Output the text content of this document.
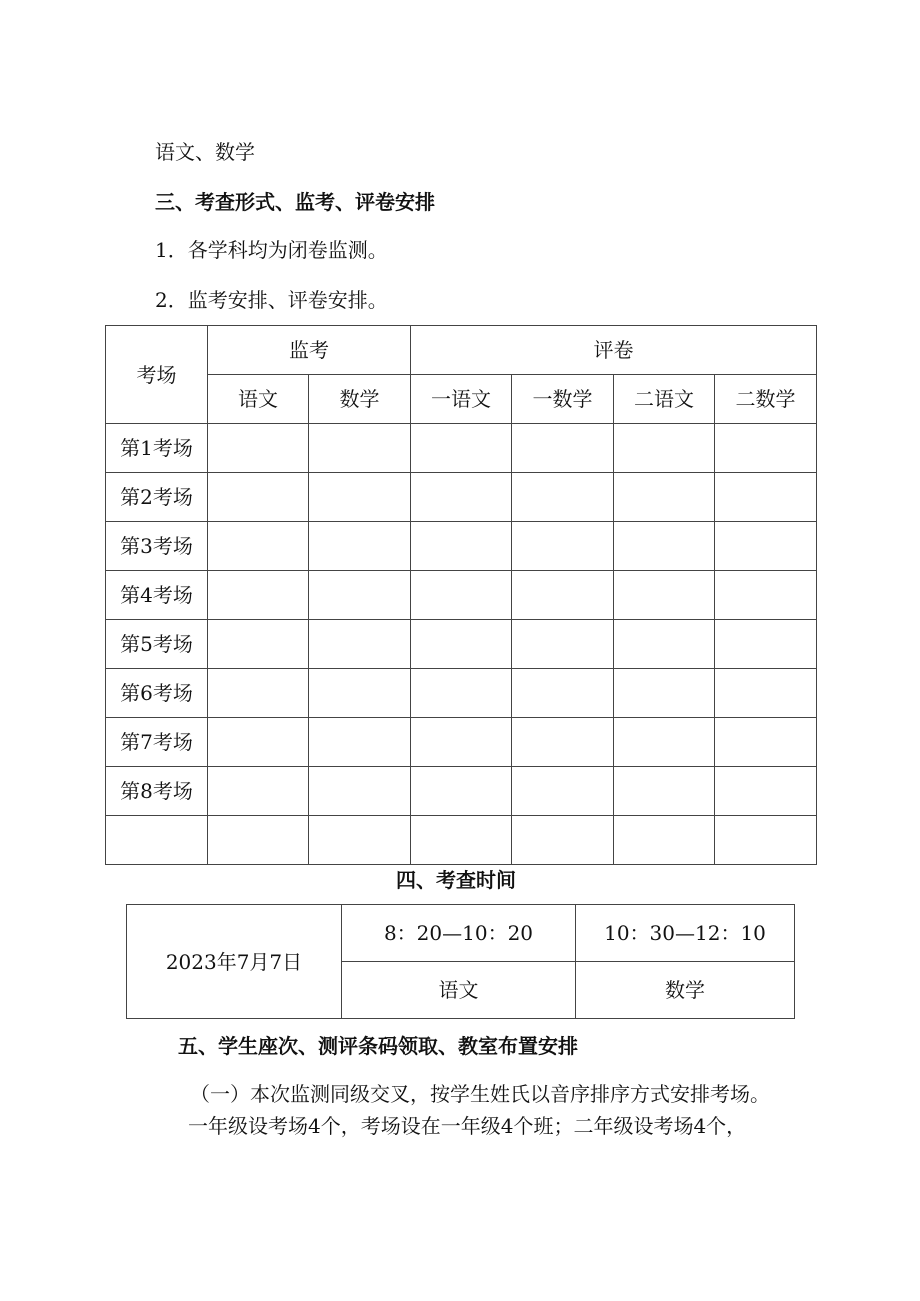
语文、数学
三、考查形式、监考、评卷安排
1．各学科均为闭卷监测。
2．监考安排、评卷安排。
考场	监考		评卷			
	语文	数学	一语文	一数学	二语文	二数学
第1考场						
第2考场						
第3考场						
第4考场						
第5考场						
第6考场						
第7考场						
第8考场						

四、考查时间
2023年7月7日	8：20—10：20	10：30—12：10
	语文	数学
五、学生座次、测评条码领取、教室布置安排
（一）本次监测同级交叉，按学生姓氏以音序排序方式安排考场。
一年级设考场4个，考场设在一年级4个班；二年级设考场4个，
